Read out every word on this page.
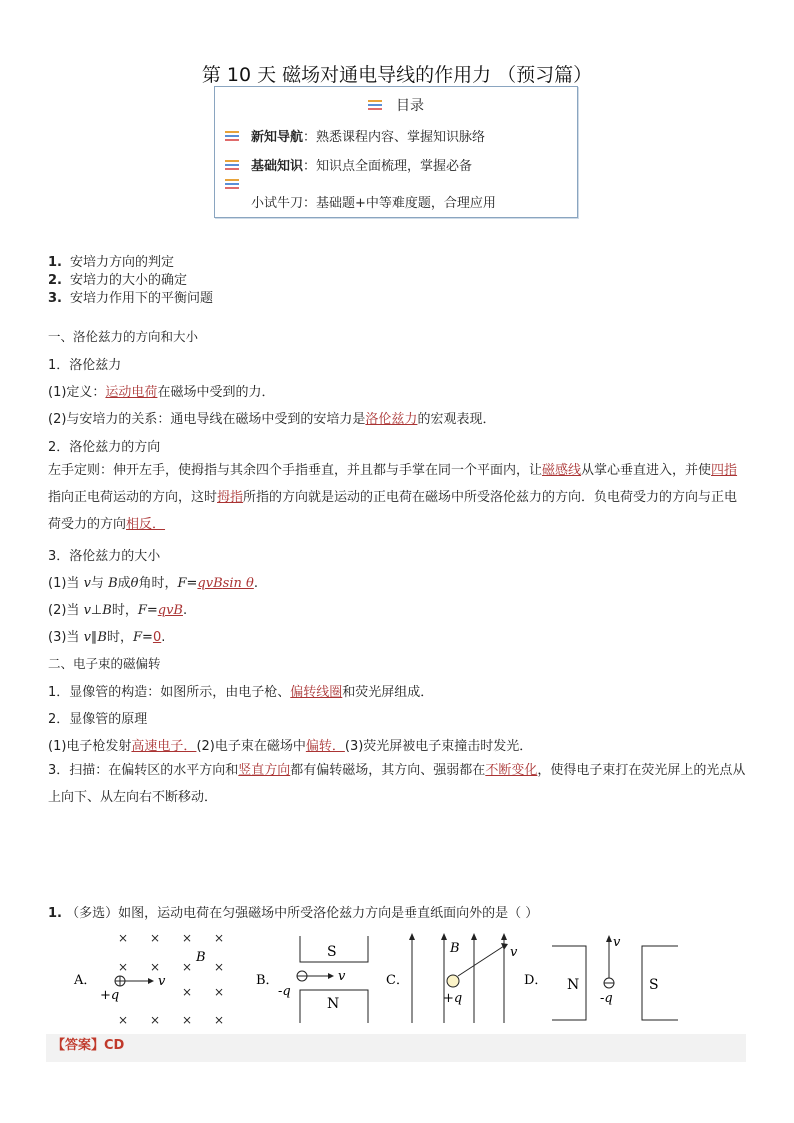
第 10 天 磁场对通电导线的作用力 （预习篇）
目录
新知导航：熟悉课程内容、掌握知识脉络
基础知识：知识点全面梳理，掌握必备
小试牛刀：基础题+中等难度题，合理应用
1. 安培力方向的判定
2. 安培力的大小的确定
3. 安培力作用下的平衡问题
一、洛伦兹力的方向和大小
1．洛伦兹力
(1)定义：运动电荷在磁场中受到的力．
(2)与安培力的关系：通电导线在磁场中受到的安培力是洛伦兹力的宏观表现．
2．洛伦兹力的方向
左手定则：伸开左手，使拇指与其余四个手指垂直，并且都与手掌在同一个平面内，让磁感线从掌心垂直进入，并使四指指向正电荷运动的方向，这时拇指所指的方向就是运动的正电荷在磁场中所受洛伦兹力的方向．负电荷受力的方向与正电荷受力的方向相反．
3．洛伦兹力的大小
(1)当 v与 B成θ角时，F=qvBsin θ.
(2)当 v⊥B时，F=qvB.
(3)当 v∥B时，F=0.
二、电子束的磁偏转
1．显像管的构造：如图所示，由电子枪、偏转线圈和荧光屏组成．
2．显像管的原理
(1)电子枪发射高速电子．(2)电子束在磁场中偏转．(3)荧光屏被电子束撞击时发光．
3．扫描：在偏转区的水平方向和竖直方向都有偏转磁场，其方向、强弱都在不断变化，使得电子束打在荧光屏上的光点从上向下、从左向右不断移动．
1. （多选）如图，运动电荷在匀强磁场中所受洛伦兹力方向是垂直纸面向外的是（ ）
A．
× × × ×
× × × ×
× ×
× × × ×
B
v
+q
B．
S
N
v
-q
C．
B	v
+q
D． N	S
v
-q
【答案】CD
